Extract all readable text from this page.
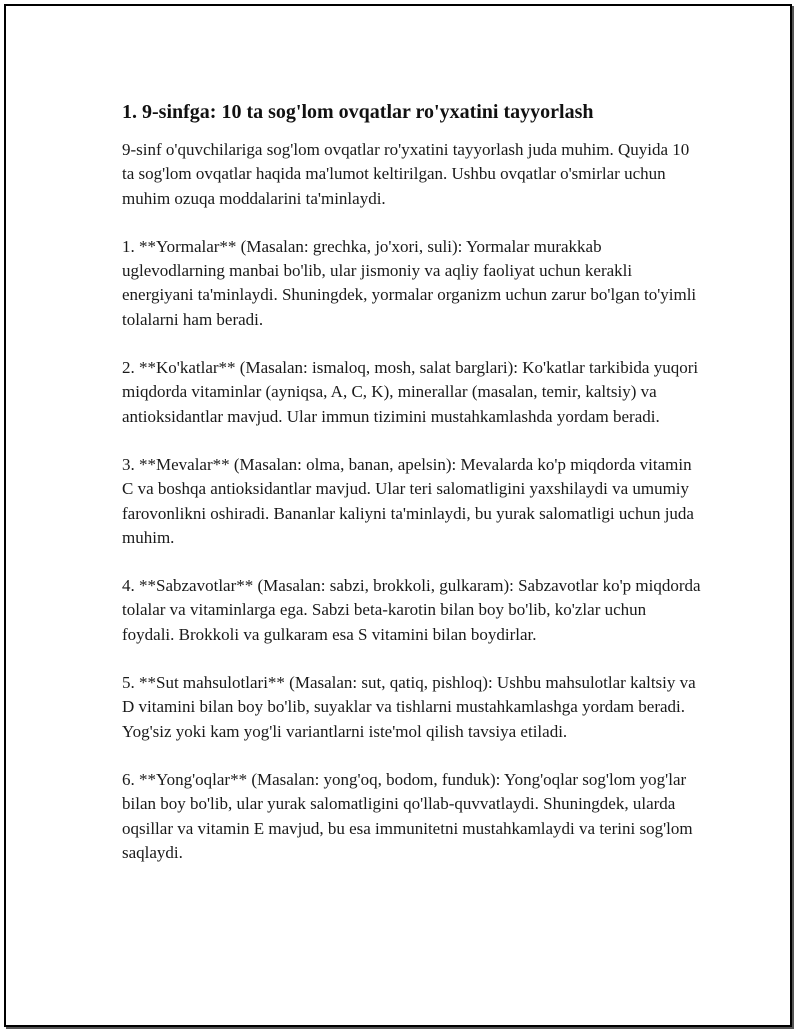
1. 9-sinfga: 10 ta sog'lom ovqatlar ro'yxatini tayyorlash

9-sinf o'quvchilariga sog'lom ovqatlar ro'yxatini tayyorlash juda muhim. Quyida 10 ta sog'lom ovqatlar haqida ma'lumot keltirilgan. Ushbu ovqatlar o'smirlar uchun muhim ozuqa moddalarini ta'minlaydi.

1. **Yormalar** (Masalan: grechka, jo'xori, suli): Yormalar murakkab uglevodlarning manbai bo'lib, ular jismoniy va aqliy faoliyat uchun kerakli energiyani ta'minlaydi. Shuningdek, yormalar organizm uchun zarur bo'lgan to'yimli tolalarni ham beradi.

2. **Ko'katlar** (Masalan: ismaloq, mosh, salat barglari): Ko'katlar tarkibida yuqori miqdorda vitaminlar (ayniqsa, A, C, K), minerallar (masalan, temir, kaltsiy) va antioksidantlar mavjud. Ular immun tizimini mustahkamlashda yordam beradi.

3. **Mevalar** (Masalan: olma, banan, apelsin): Mevalarda ko'p miqdorda vitamin C va boshqa antioksidantlar mavjud. Ular teri salomatligini yaxshilaydi va umumiy farovonlikni oshiradi. Bananlar kaliyni ta'minlaydi, bu yurak salomatligi uchun juda muhim.

4. **Sabzavotlar** (Masalan: sabzi, brokkoli, gulkaram): Sabzavotlar ko'p miqdorda tolalar va vitaminlarga ega. Sabzi beta-karotin bilan boy bo'lib, ko'zlar uchun foydali. Brokkoli va gulkaram esa S vitamini bilan boydirlar.

5. **Sut mahsulotlari** (Masalan: sut, qatiq, pishloq): Ushbu mahsulotlar kaltsiy va D vitamini bilan boy bo'lib, suyaklar va tishlarni mustahkamlashga yordam beradi. Yog'siz yoki kam yog'li variantlarni iste'mol qilish tavsiya etiladi.

6. **Yong'oqlar** (Masalan: yong'oq, bodom, funduk): Yong'oqlar sog'lom yog'lar bilan boy bo'lib, ular yurak salomatligini qo'llab-quvvatlaydi. Shuningdek, ularda oqsillar va vitamin E mavjud, bu esa immunitetni mustahkamlaydi va terini sog'lom saqlaydi.
